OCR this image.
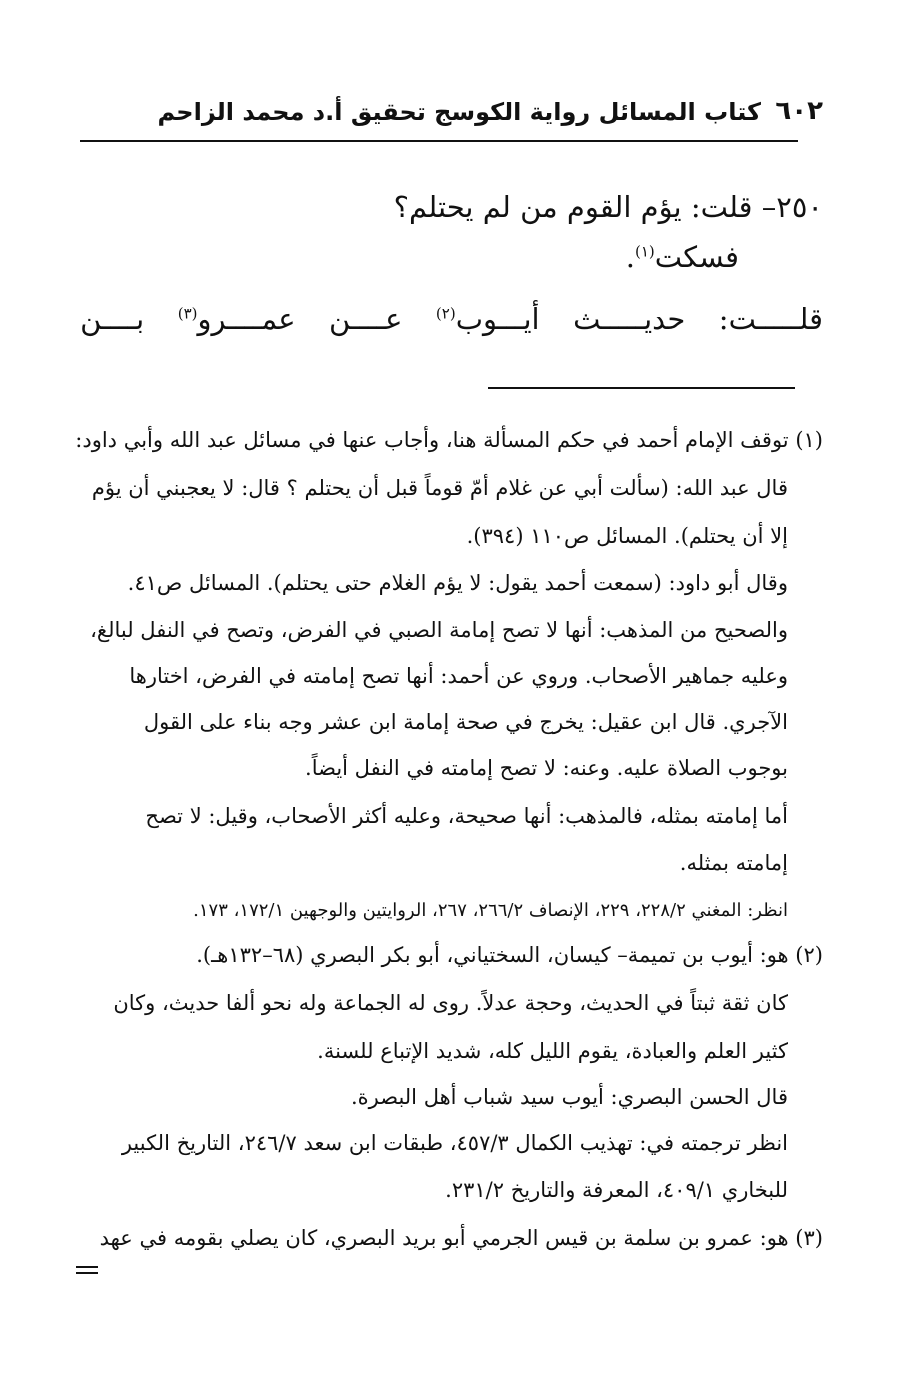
٦٠٢
كتاب المسائل رواية الكوسج تحقيق أ.د محمد الزاحم
٢٥٠– قلت: يؤم القوم من لم يحتلم؟
فسكت$^{(١)}$.
قلـــــت:
حديـــــث
أيـــوب$^{(٢)}$
عــــن
عمــــرو$^{(٣)}$
بــــن
(١) توقف الإمام أحمد في حكم المسألة هنا، وأجاب عنها في مسائل عبد الله وأبي داود:
قال عبد الله: (سألت أبي عن غلام أمّ قوماً قبل أن يحتلم ؟ قال: لا يعجبني أن يؤم
إلا أن يحتلم). المسائل ص١١٠ (٣٩٤).
وقال أبو داود: (سمعت أحمد يقول: لا يؤم الغلام حتى يحتلم). المسائل ص٤١.
والصحيح من المذهب: أنها لا تصح إمامة الصبي في الفرض، وتصح في النفل لبالغ،
وعليه جماهير الأصحاب. وروي عن أحمد: أنها تصح إمامته في الفرض، اختارها
الآجري. قال ابن عقيل: يخرج في صحة إمامة ابن عشر وجه بناء على القول
بوجوب الصلاة عليه. وعنه: لا تصح إمامته في النفل أيضاً.
أما إمامته بمثله، فالمذهب: أنها صحيحة، وعليه أكثر الأصحاب، وقيل: لا تصح
إمامته بمثله.
انظر: المغني ٢٢٨/٢، ٢٢٩، الإنصاف ٢٦٦/٢، ٢٦٧، الروايتين والوجهين ١٧٢/١، ١٧٣.
(٢) هو: أيوب بن تميمة– كيسان، السختياني، أبو بكر البصري (٦٨–١٣٢هـ).
كان ثقة ثبتاً في الحديث، وحجة عدلاً. روى له الجماعة وله نحو ألفا حديث، وكان
كثير العلم والعبادة، يقوم الليل كله، شديد الإتباع للسنة.
قال الحسن البصري: أيوب سيد شباب أهل البصرة.
انظر ترجمته في: تهذيب الكمال ٤٥٧/٣، طبقات ابن سعد ٢٤٦/٧، التاريخ الكبير
للبخاري ٤٠٩/١، المعرفة والتاريخ ٢٣١/٢.
(٣) هو: عمرو بن سلمة بن قيس الجرمي أبو بريد البصري، كان يصلي بقومه في عهد
